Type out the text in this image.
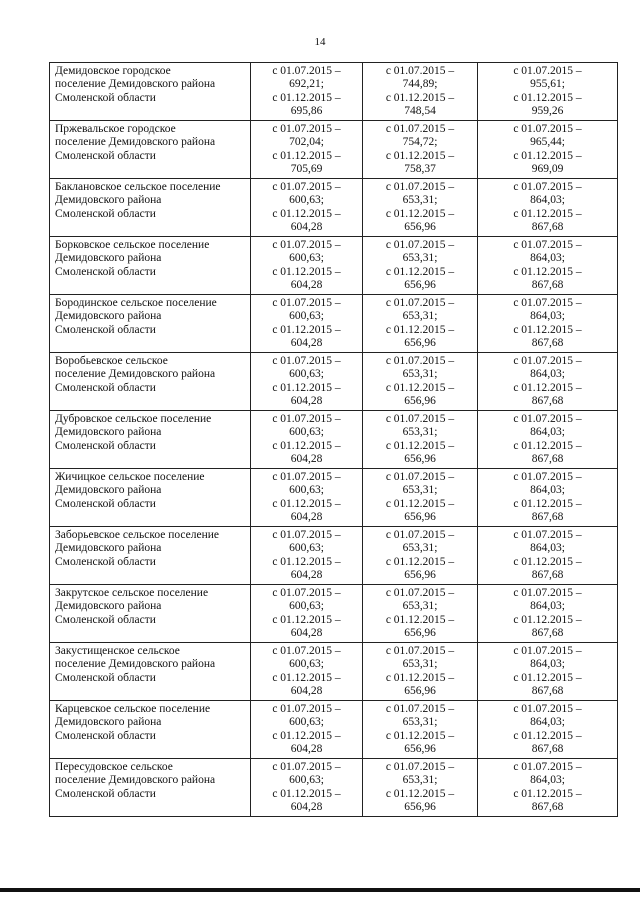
14
Демидовское городское
поселение Демидовского района
Смоленской области	с 01.07.2015 –
692,21;
с 01.12.2015 –
695,86	с 01.07.2015 –
744,89;
с 01.12.2015 –
748,54	с 01.07.2015 –
955,61;
с 01.12.2015 –
959,26

Пржевальское городское
поселение Демидовского района
Смоленской области	с 01.07.2015 –
702,04;
с 01.12.2015 –
705,69	с 01.07.2015 –
754,72;
с 01.12.2015 –
758,37	с 01.07.2015 –
965,44;
с 01.12.2015 –
969,09

Баклановское сельское поселение
Демидовского района
Смоленской области	с 01.07.2015 –
600,63;
с 01.12.2015 –
604,28	с 01.07.2015 –
653,31;
с 01.12.2015 –
656,96	с 01.07.2015 –
864,03;
с 01.12.2015 –
867,68

Борковское сельское поселение
Демидовского района
Смоленской области	с 01.07.2015 –
600,63;
с 01.12.2015 –
604,28	с 01.07.2015 –
653,31;
с 01.12.2015 –
656,96	с 01.07.2015 –
864,03;
с 01.12.2015 –
867,68

Бородинское сельское поселение
Демидовского района
Смоленской области	с 01.07.2015 –
600,63;
с 01.12.2015 –
604,28	с 01.07.2015 –
653,31;
с 01.12.2015 –
656,96	с 01.07.2015 –
864,03;
с 01.12.2015 –
867,68

Воробьевское сельское
поселение Демидовского района
Смоленской области	с 01.07.2015 –
600,63;
с 01.12.2015 –
604,28	с 01.07.2015 –
653,31;
с 01.12.2015 –
656,96	с 01.07.2015 –
864,03;
с 01.12.2015 –
867,68

Дубровское сельское поселение
Демидовского района
Смоленской области	с 01.07.2015 –
600,63;
с 01.12.2015 –
604,28	с 01.07.2015 –
653,31;
с 01.12.2015 –
656,96	с 01.07.2015 –
864,03;
с 01.12.2015 –
867,68

Жичицкое сельское поселение
Демидовского района
Смоленской области	с 01.07.2015 –
600,63;
с 01.12.2015 –
604,28	с 01.07.2015 –
653,31;
с 01.12.2015 –
656,96	с 01.07.2015 –
864,03;
с 01.12.2015 –
867,68

Заборьевское сельское поселение
Демидовского района
Смоленской области	с 01.07.2015 –
600,63;
с 01.12.2015 –
604,28	с 01.07.2015 –
653,31;
с 01.12.2015 –
656,96	с 01.07.2015 –
864,03;
с 01.12.2015 –
867,68

Закрутское сельское поселение
Демидовского района
Смоленской области	с 01.07.2015 –
600,63;
с 01.12.2015 –
604,28	с 01.07.2015 –
653,31;
с 01.12.2015 –
656,96	с 01.07.2015 –
864,03;
с 01.12.2015 –
867,68

Закустищенское сельское
поселение Демидовского района
Смоленской области	с 01.07.2015 –
600,63;
с 01.12.2015 –
604,28	с 01.07.2015 –
653,31;
с 01.12.2015 –
656,96	с 01.07.2015 –
864,03;
с 01.12.2015 –
867,68

Карцевское сельское поселение
Демидовского района
Смоленской области	с 01.07.2015 –
600,63;
с 01.12.2015 –
604,28	с 01.07.2015 –
653,31;
с 01.12.2015 –
656,96	с 01.07.2015 –
864,03;
с 01.12.2015 –
867,68

Пересудовское сельское
поселение Демидовского района
Смоленской области	с 01.07.2015 –
600,63;
с 01.12.2015 –
604,28	с 01.07.2015 –
653,31;
с 01.12.2015 –
656,96	с 01.07.2015 –
864,03;
с 01.12.2015 –
867,68
